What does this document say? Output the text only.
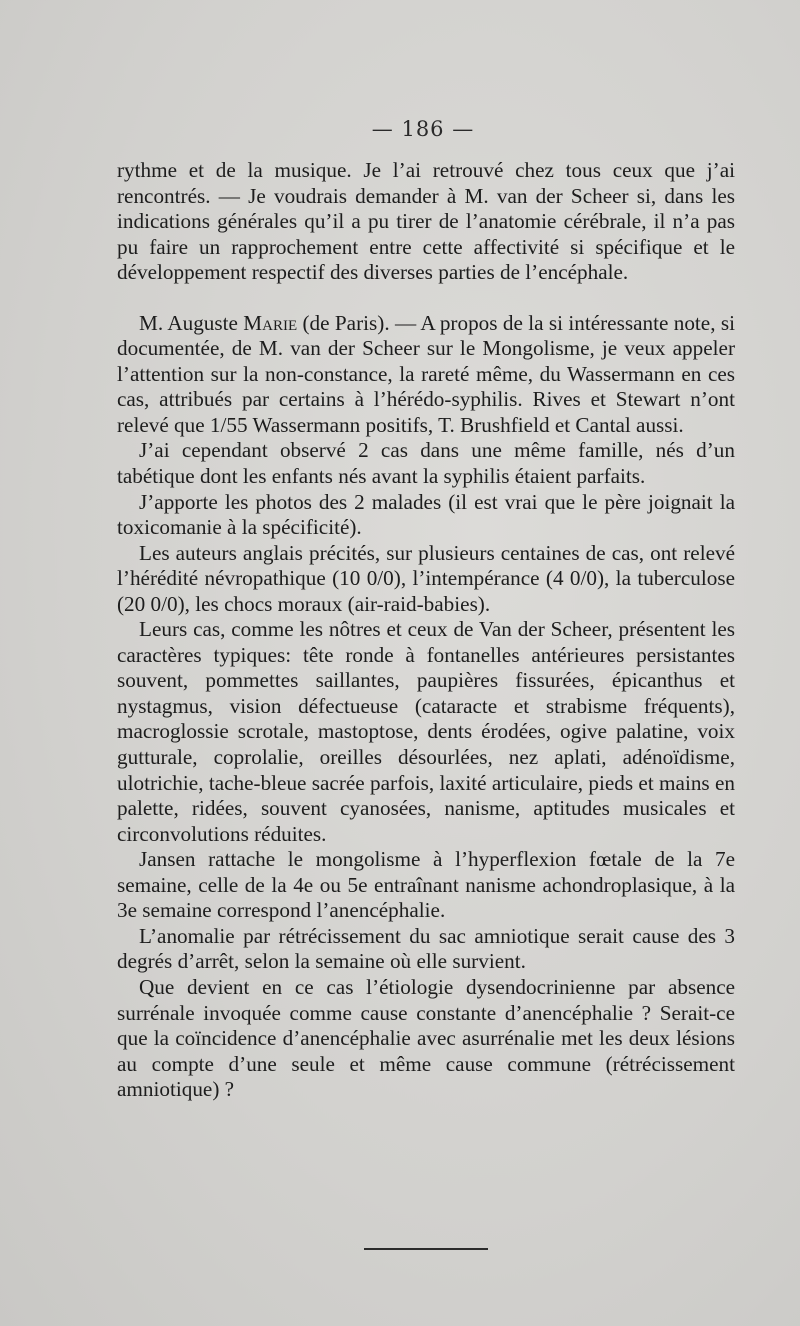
— 186 —

rythme et de la musique. Je l’ai retrouvé chez tous ceux que j’ai rencontrés. — Je voudrais demander à M. van der Scheer si, dans les indications générales qu’il a pu tirer de l’anatomie cérébrale, il n’a pas pu faire un rapprochement entre cette affectivité si spécifique et le développement respectif des diverses parties de l’encéphale.

M. Auguste Marie (de Paris). — A propos de la si intéressante note, si documentée, de M. van der Scheer sur le Mongolisme, je veux appeler l’attention sur la non-constance, la rareté même, du Wassermann en ces cas, attribués par certains à l’hérédo-syphilis. Rives et Stewart n’ont relevé que 1/55 Wassermann positifs, T. Brushfield et Cantal aussi.

J’ai cependant observé 2 cas dans une même famille, nés d’un tabétique dont les enfants nés avant la syphilis étaient parfaits.

J’apporte les photos des 2 malades (il est vrai que le père joignait la toxicomanie à la spécificité).

Les auteurs anglais précités, sur plusieurs centaines de cas, ont relevé l’hérédité névropathique (10 0/0), l’intempérance (4 0/0), la tuberculose (20 0/0), les chocs moraux (air-raid-babies).

Leurs cas, comme les nôtres et ceux de Van der Scheer, présentent les caractères typiques: tête ronde à fontanelles antérieures persistantes souvent, pommettes saillantes, paupières fissurées, épicanthus et nystagmus, vision défectueuse (cataracte et strabisme fréquents), macroglossie scrotale, mastoptose, dents érodées, ogive palatine, voix gutturale, coprolalie, oreilles désourlées, nez aplati, adénoïdisme, ulotrichie, tache-bleue sacrée parfois, laxité articulaire, pieds et mains en palette, ridées, souvent cyanosées, nanisme, aptitudes musicales et circonvolutions réduites.

Jansen rattache le mongolisme à l’hyperflexion fœtale de la 7e semaine, celle de la 4e ou 5e entraînant nanisme achondroplasique, à la 3e semaine correspond l’anencéphalie.

L’anomalie par rétrécissement du sac amniotique serait cause des 3 degrés d’arrêt, selon la semaine où elle survient.

Que devient en ce cas l’étiologie dysendocrinienne par absence surrénale invoquée comme cause constante d’anencéphalie ? Serait-ce que la coïncidence d’anencéphalie avec asurrénalie met les deux lésions au compte d’une seule et même cause commune (rétrécissement amniotique) ?
